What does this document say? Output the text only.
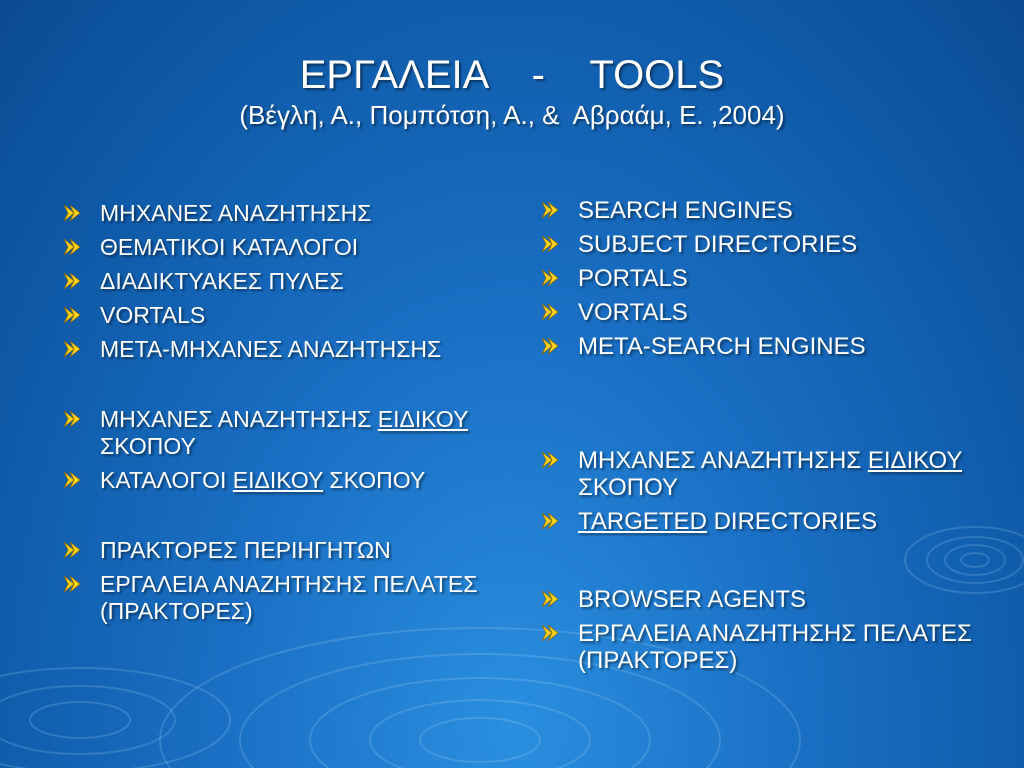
ΕΡΓΑΛΕΙΑ    -    TOOLS
(Βέγλη, Α., Πομπότση, Α., &  Αβραάμ, Ε. ,2004)
ΜΗΧΑΝΕΣ ΑΝΑΖΗΤΗΣΗΣ
ΘΕΜΑΤΙΚΟΙ ΚΑΤΑΛΟΓΟΙ
ΔΙΑΔΙΚΤΥΑΚΕΣ ΠΥΛΕΣ
VORTALS
ΜΕΤΑ-ΜΗΧΑΝΕΣ ΑΝΑΖΗΤΗΣΗΣ
ΜΗΧΑΝΕΣ ΑΝΑΖΗΤΗΣΗΣ ΕΙΔΙΚΟΥ ΣΚΟΠΟΥ
ΚΑΤΑΛΟΓΟΙ ΕΙΔΙΚΟΥ ΣΚΟΠΟΥ
ΠΡΑΚΤΟΡΕΣ ΠΕΡΙΗΓΗΤΩΝ
ΕΡΓΑΛΕΙΑ ΑΝΑΖΗΤΗΣΗΣ ΠΕΛΑΤΕΣ (ΠΡΑΚΤΟΡΕΣ)
SEARCH ENGINES
SUBJECT DIRECTORIES
PORTALS
VORTALS
META-SEARCH ENGINES
ΜΗΧΑΝΕΣ ΑΝΑΖΗΤΗΣΗΣ ΕΙΔΙΚΟΥ ΣΚΟΠΟΥ
TARGETED DIRECTORIES
BROWSER AGENTS
ΕΡΓΑΛΕΙΑ ΑΝΑΖΗΤΗΣΗΣ ΠΕΛΑΤΕΣ (ΠΡΑΚΤΟΡΕΣ)
